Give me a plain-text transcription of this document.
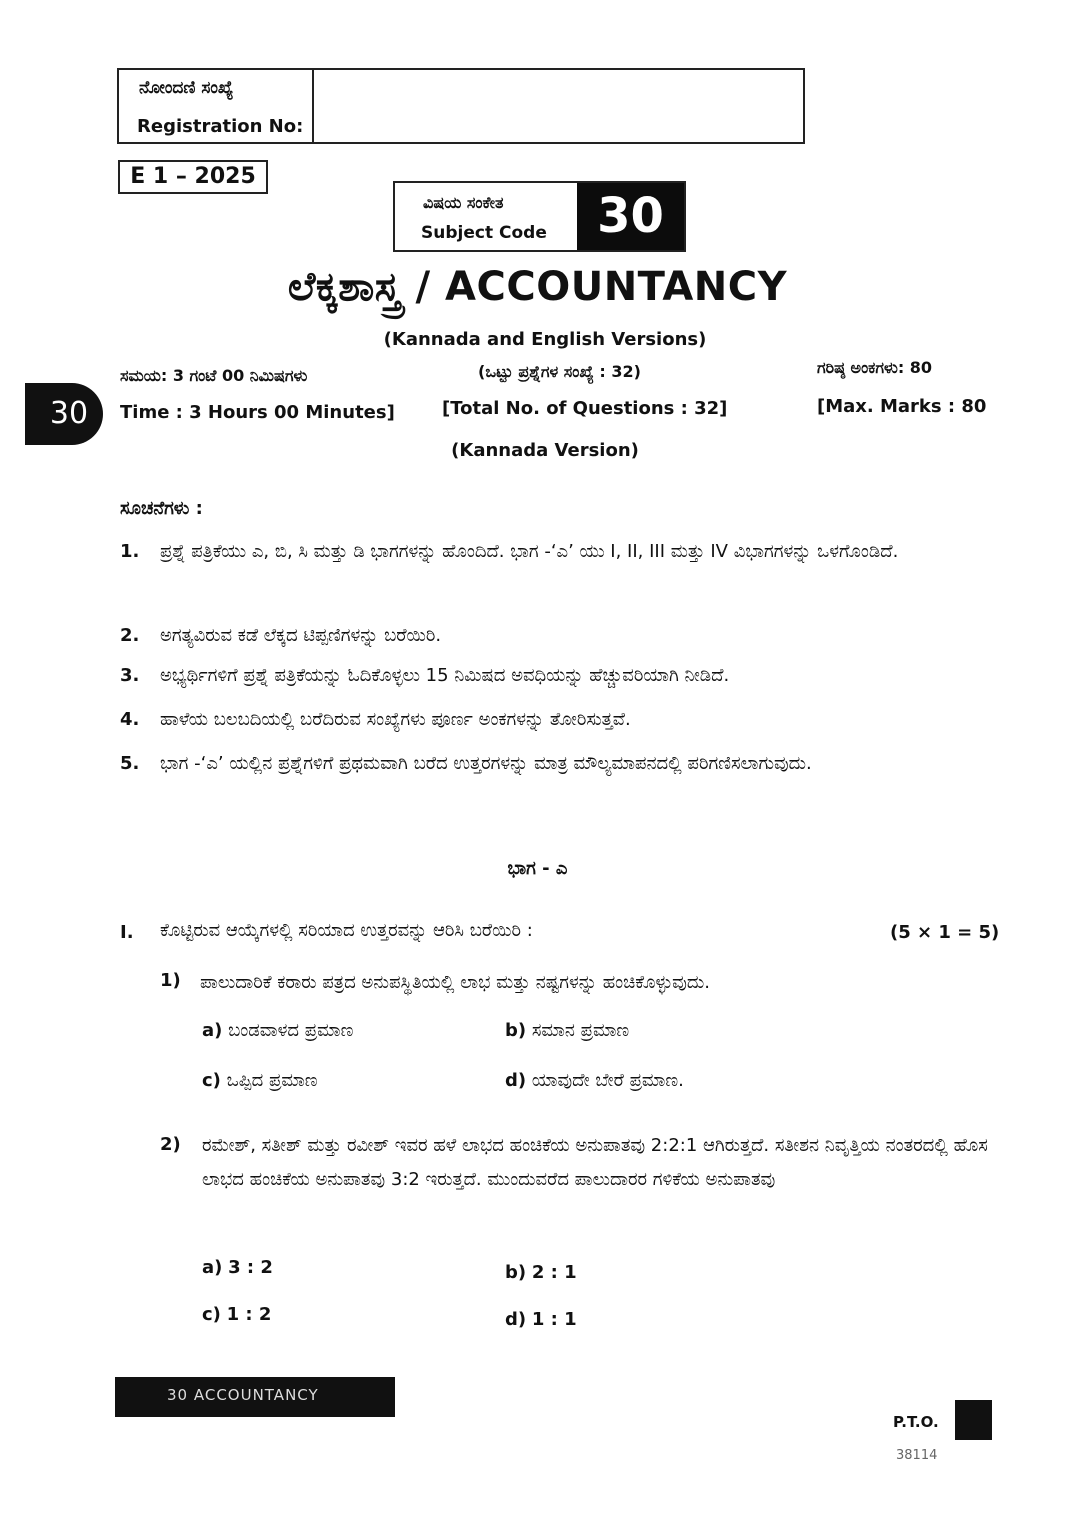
ನೋಂದಣಿ ಸಂಖ್ಯೆ
Registration No:
E 1 – 2025
ವಿಷಯ ಸಂಕೇತ
Subject Code	30
ಲೆಕ್ಕಶಾಸ್ತ್ರ / ACCOUNTANCY
(Kannada and English Versions)
30
ಸಮಯ: 3 ಗಂಟೆ 00 ನಿಮಿಷಗಳು
Time : 3 Hours 00 Minutes]
(ಒಟ್ಟು ಪ್ರಶ್ನೆಗಳ ಸಂಖ್ಯೆ : 32)
[Total No. of Questions : 32]
ಗರಿಷ್ಠ ಅಂಕಗಳು: 80
[Max. Marks : 80
(Kannada Version)
ಸೂಚನೆಗಳು :
1.	ಪ್ರಶ್ನೆ ಪತ್ರಿಕೆಯು ಎ, ಬಿ, ಸಿ ಮತ್ತು ಡಿ ಭಾಗಗಳನ್ನು ಹೊಂದಿದೆ. ಭಾಗ -‘ಎ’ ಯು I, II, III ಮತ್ತು IV ವಿಭಾಗಗಳನ್ನು ಒಳಗೊಂಡಿದೆ.
2.	ಅಗತ್ಯವಿರುವ ಕಡೆ ಲೆಕ್ಕದ ಟಿಪ್ಪಣಿಗಳನ್ನು ಬರೆಯಿರಿ.
3.	ಅಭ್ಯರ್ಥಿಗಳಿಗೆ ಪ್ರಶ್ನೆ ಪತ್ರಿಕೆಯನ್ನು ಓದಿಕೊಳ್ಳಲು 15 ನಿಮಿಷದ ಅವಧಿಯನ್ನು ಹೆಚ್ಚುವರಿಯಾಗಿ ನೀಡಿದೆ.
4.	ಹಾಳೆಯ ಬಲಬದಿಯಲ್ಲಿ ಬರೆದಿರುವ ಸಂಖ್ಯೆಗಳು ಪೂರ್ಣ ಅಂಕಗಳನ್ನು ತೋರಿಸುತ್ತವೆ.
5.	ಭಾಗ -‘ಎ’ ಯಲ್ಲಿನ ಪ್ರಶ್ನೆಗಳಿಗೆ ಪ್ರಥಮವಾಗಿ ಬರೆದ ಉತ್ತರಗಳನ್ನು ಮಾತ್ರ ಮೌಲ್ಯಮಾಪನದಲ್ಲಿ ಪರಿಗಣಿಸಲಾಗುವುದು.
ಭಾಗ - ಎ
I. ಕೊಟ್ಟಿರುವ ಆಯ್ಕೆಗಳಲ್ಲಿ ಸರಿಯಾದ ಉತ್ತರವನ್ನು ಆರಿಸಿ ಬರೆಯಿರಿ :	(5 × 1 = 5)
1) ಪಾಲುದಾರಿಕೆ ಕರಾರು ಪತ್ರದ ಅನುಪಸ್ಥಿತಿಯಲ್ಲಿ ಲಾಭ ಮತ್ತು ನಷ್ಟಗಳನ್ನು ಹಂಚಿಕೊಳ್ಳುವುದು.
a) ಬಂಡವಾಳದ ಪ್ರಮಾಣ	b) ಸಮಾನ ಪ್ರಮಾಣ
c) ಒಪ್ಪಿದ ಪ್ರಮಾಣ	d) ಯಾವುದೇ ಬೇರೆ ಪ್ರಮಾಣ.
2) ರಮೇಶ್, ಸತೀಶ್ ಮತ್ತು ರವೀಶ್ ಇವರ ಹಳೆ ಲಾಭದ ಹಂಚಿಕೆಯ ಅನುಪಾತವು 2:2:1 ಆಗಿರುತ್ತದೆ. ಸತೀಶನ ನಿವೃತ್ತಿಯ ನಂತರದಲ್ಲಿ ಹೊಸ ಲಾಭದ ಹಂಚಿಕೆಯ ಅನುಪಾತವು 3:2 ಇರುತ್ತದೆ. ಮುಂದುವರೆದ ಪಾಲುದಾರರ ಗಳಿಕೆಯ ಅನುಪಾತವು
a) 3 : 2	b) 2 : 1
c) 1 : 2	d) 1 : 1
30 ACCOUNTANCY
P.T.O.
38114
